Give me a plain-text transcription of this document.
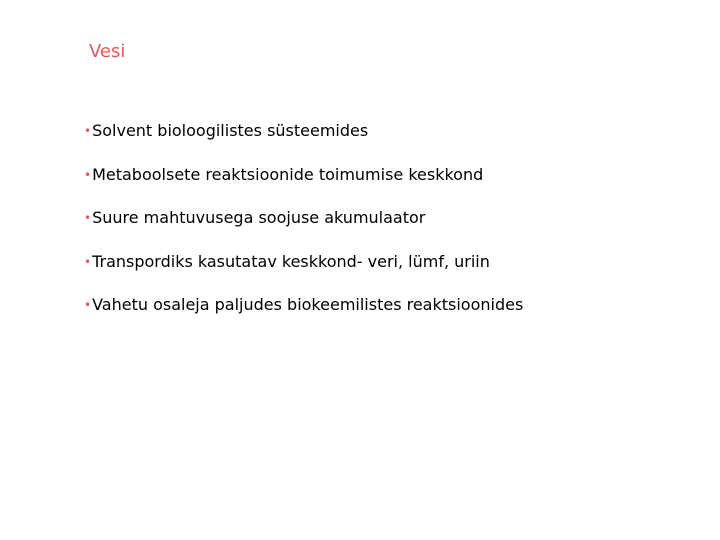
Vesi
• Solvent bioloogilistes süsteemides
• Metaboolsete reaktsioonide toimumise keskkond
• Suure mahtuvusega soojuse akumulaator
• Transpordiks kasutatav keskkond- veri, lümf, uriin
• Vahetu osaleja paljudes biokeemilistes reaktsioonides
